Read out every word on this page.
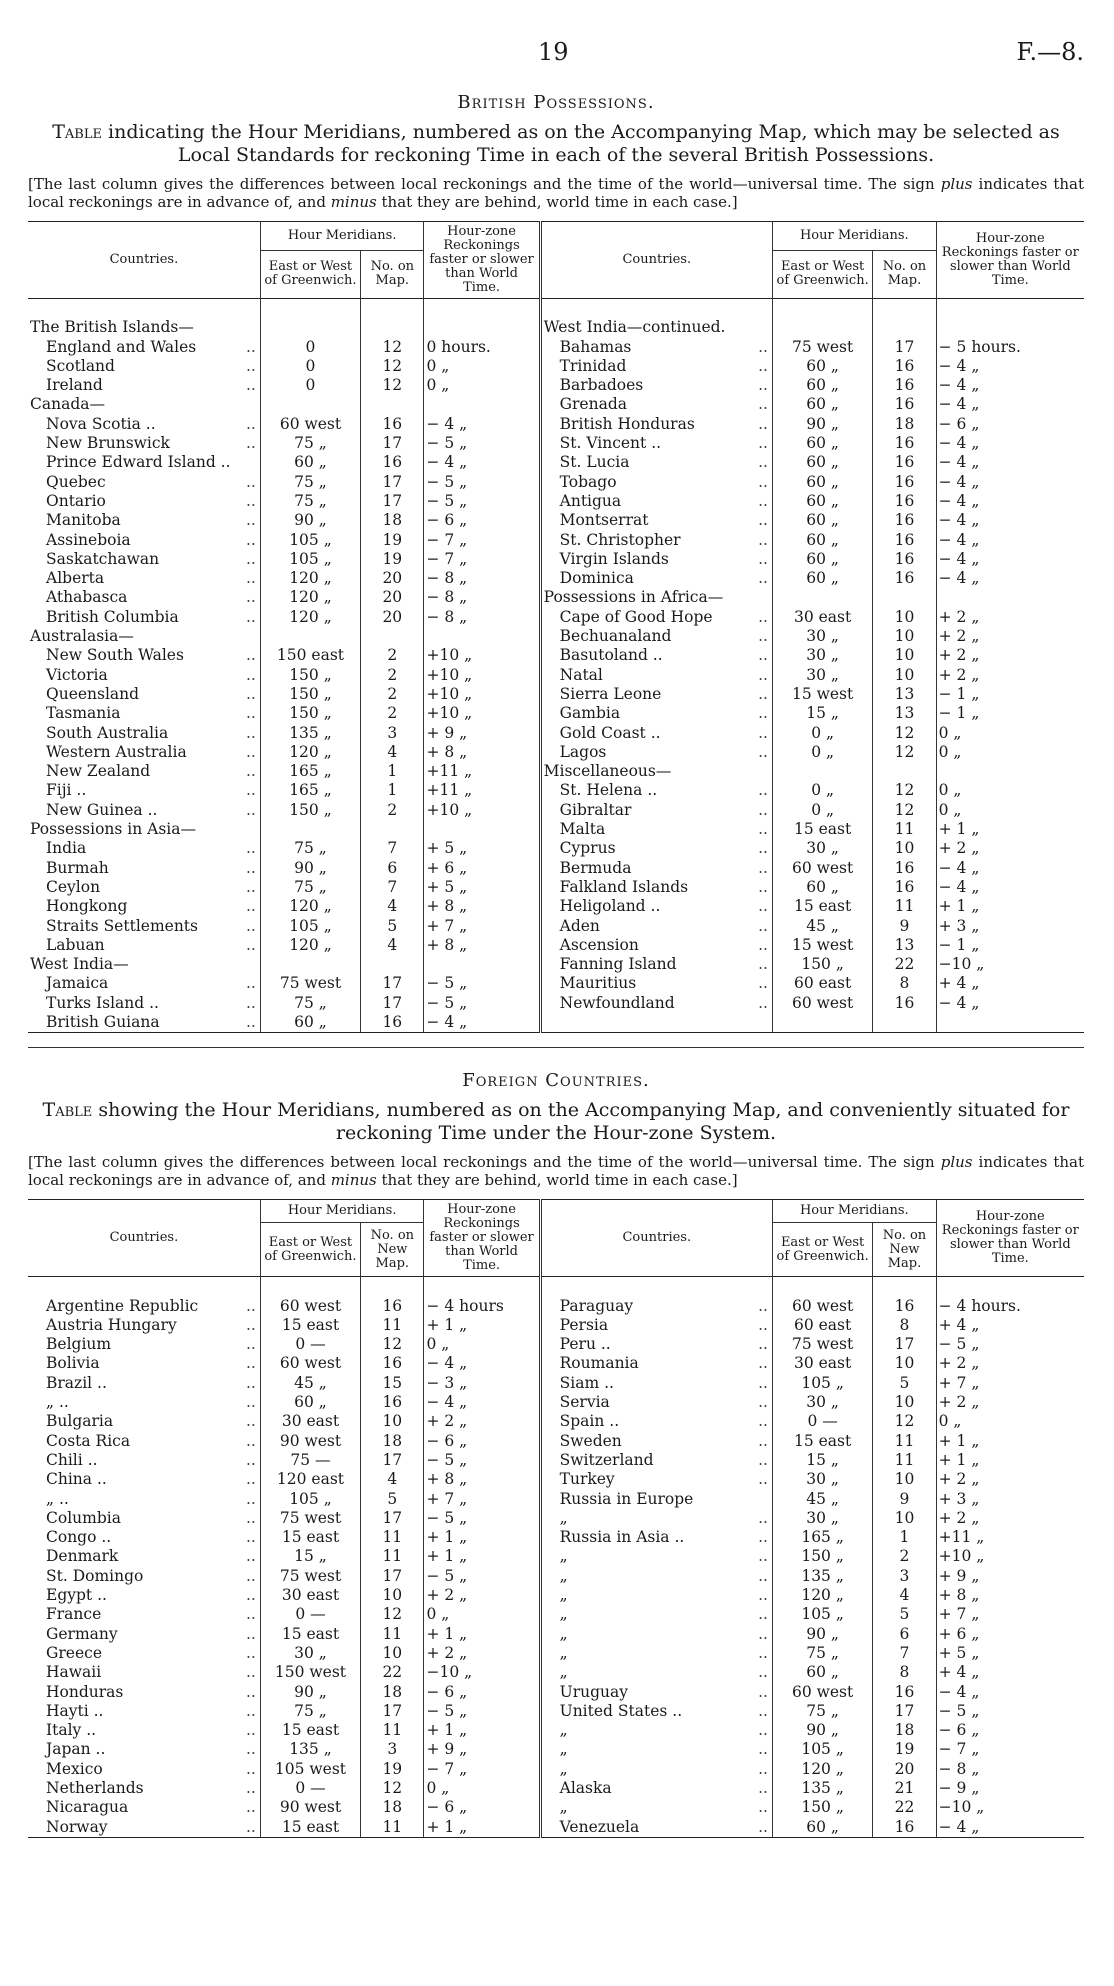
19	F.—8.
British Possessions.
Table indicating the Hour Meridians, numbered as on the Accompanying Map, which may be selected as Local Standards for reckoning Time in each of the several British Possessions.
[The last column gives the differences between local reckonings and the time of the world—universal time. The sign plus indicates that local reckonings are in advance of, and minus that they are behind, world time in each case.]
Countries.	Hour Meridians.		Hour-zone Reckonings faster or slower than World Time.	Countries.	Hour Meridians.		Hour-zone Reckonings faster or slower than World Time.
	East or West of Greenwich.	No. on Map.			East or West of Greenwich.	No. on Map.	

The British Islands—				West India—continued.			
England and Wales ..	0	12	0 hours.	Bahamas ..	75 west	17	− 5 hours.
Scotland ..	0	12	0 „	Trinidad ..	60 „	16	− 4 „
Ireland ..	0	12	0 „	Barbadoes ..	60 „	16	− 4 „
Canada—				Grenada ..	60 „	16	− 4 „
Nova Scotia .. ..	60 west	16	− 4 „	British Honduras ..	90 „	18	− 6 „
New Brunswick ..	75 „	17	− 5 „	St. Vincent .. ..	60 „	16	− 4 „
Prince Edward Island ..	60 „	16	− 4 „	St. Lucia ..	60 „	16	− 4 „
Quebec ..	75 „	17	− 5 „	Tobago ..	60 „	16	− 4 „
Ontario ..	75 „	17	− 5 „	Antigua ..	60 „	16	− 4 „
Manitoba ..	90 „	18	− 6 „	Montserrat ..	60 „	16	− 4 „
Assineboia ..	105 „	19	− 7 „	St. Christopher ..	60 „	16	− 4 „
Saskatchawan ..	105 „	19	− 7 „	Virgin Islands ..	60 „	16	− 4 „
Alberta ..	120 „	20	− 8 „	Dominica ..	60 „	16	− 4 „
Athabasca ..	120 „	20	− 8 „	Possessions in Africa—			
British Columbia ..	120 „	20	− 8 „	Cape of Good Hope ..	30 east	10	+ 2 „
Australasia—				Bechuanaland ..	30 „	10	+ 2 „
New South Wales ..	150 east	2	+10 „	Basutoland .. ..	30 „	10	+ 2 „
Victoria ..	150 „	2	+10 „	Natal ..	30 „	10	+ 2 „
Queensland ..	150 „	2	+10 „	Sierra Leone ..	15 west	13	− 1 „
Tasmania ..	150 „	2	+10 „	Gambia ..	15 „	13	− 1 „
South Australia ..	135 „	3	+ 9 „	Gold Coast .. ..	0 „	12	0 „
Western Australia ..	120 „	4	+ 8 „	Lagos ..	0 „	12	0 „
New Zealand ..	165 „	1	+11 „	Miscellaneous—			
Fiji .. ..	165 „	1	+11 „	St. Helena .. ..	0 „	12	0 „
New Guinea .. ..	150 „	2	+10 „	Gibraltar ..	0 „	12	0 „
Possessions in Asia—				Malta ..	15 east	11	+ 1 „
India ..	75 „	7	+ 5 „	Cyprus ..	30 „	10	+ 2 „
Burmah ..	90 „	6	+ 6 „	Bermuda ..	60 west	16	− 4 „
Ceylon ..	75 „	7	+ 5 „	Falkland Islands ..	60 „	16	− 4 „
Hongkong ..	120 „	4	+ 8 „	Heligoland .. ..	15 east	11	+ 1 „
Straits Settlements ..	105 „	5	+ 7 „	Aden ..	45 „	9	+ 3 „
Labuan ..	120 „	4	+ 8 „	Ascension ..	15 west	13	− 1 „
West India—				Fanning Island ..	150 „	22	−10 „
Jamaica ..	75 west	17	− 5 „	Mauritius ..	60 east	8	+ 4 „
Turks Island .. ..	75 „	17	− 5 „	Newfoundland ..	60 west	16	− 4 „
British Guiana ..	60 „	16	− 4 „				
Foreign Countries.
Table showing the Hour Meridians, numbered as on the Accompanying Map, and conveniently situated for reckoning Time under the Hour-zone System.
[The last column gives the differences between local reckonings and the time of the world—universal time. The sign plus indicates that local reckonings are in advance of, and minus that they are behind, world time in each case.]
Countries.	Hour Meridians.		Hour-zone Reckonings faster or slower than World Time.	Countries.	Hour Meridians.		Hour-zone Reckonings faster or slower than World Time.
	East or West of Greenwich.	No. on New Map.			East or West of Greenwich.	No. on New Map.	

Argentine Republic ..	60 west	16	− 4 hours	Paraguay ..	60 west	16	− 4 hours.
Austria Hungary ..	15 east	11	+ 1 „	Persia ..	60 east	8	+ 4 „
Belgium ..	0 —	12	0 „	Peru .. ..	75 west	17	− 5 „
Bolivia ..	60 west	16	− 4 „	Roumania ..	30 east	10	+ 2 „
Brazil .. ..	45 „	15	− 3 „	Siam .. ..	105 „	5	+ 7 „
„ .. ..	60 „	16	− 4 „	Servia ..	30 „	10	+ 2 „
Bulgaria ..	30 east	10	+ 2 „	Spain .. ..	0 —	12	0 „
Costa Rica ..	90 west	18	− 6 „	Sweden ..	15 east	11	+ 1 „
Chili .. ..	75 —	17	− 5 „	Switzerland ..	15 „	11	+ 1 „
China .. ..	120 east	4	+ 8 „	Turkey ..	30 „	10	+ 2 „
„ .. ..	105 „	5	+ 7 „	Russia in Europe	45 „	9	+ 3 „
Columbia ..	75 west	17	− 5 „	„ ..	30 „	10	+ 2 „
Congo .. ..	15 east	11	+ 1 „	Russia in Asia .. ..	165 „	1	+11 „
Denmark ..	15 „	11	+ 1 „	„ ..	150 „	2	+10 „
St. Domingo ..	75 west	17	− 5 „	„ ..	135 „	3	+ 9 „
Egypt .. ..	30 east	10	+ 2 „	„ ..	120 „	4	+ 8 „
France ..	0 —	12	0 „	„ ..	105 „	5	+ 7 „
Germany ..	15 east	11	+ 1 „	„ ..	90 „	6	+ 6 „
Greece ..	30 „	10	+ 2 „	„ ..	75 „	7	+ 5 „
Hawaii ..	150 west	22	−10 „	„ ..	60 „	8	+ 4 „
Honduras ..	90 „	18	− 6 „	Uruguay ..	60 west	16	− 4 „
Hayti .. ..	75 „	17	− 5 „	United States .. ..	75 „	17	− 5 „
Italy .. ..	15 east	11	+ 1 „	„ ..	90 „	18	− 6 „
Japan .. ..	135 „	3	+ 9 „	„ ..	105 „	19	− 7 „
Mexico ..	105 west	19	− 7 „	„ ..	120 „	20	− 8 „
Netherlands ..	0 —	12	0 „	Alaska ..	135 „	21	− 9 „
Nicaragua ..	90 west	18	− 6 „	„ ..	150 „	22	−10 „
Norway ..	15 east	11	+ 1 „	Venezuela ..	60 „	16	− 4 „
